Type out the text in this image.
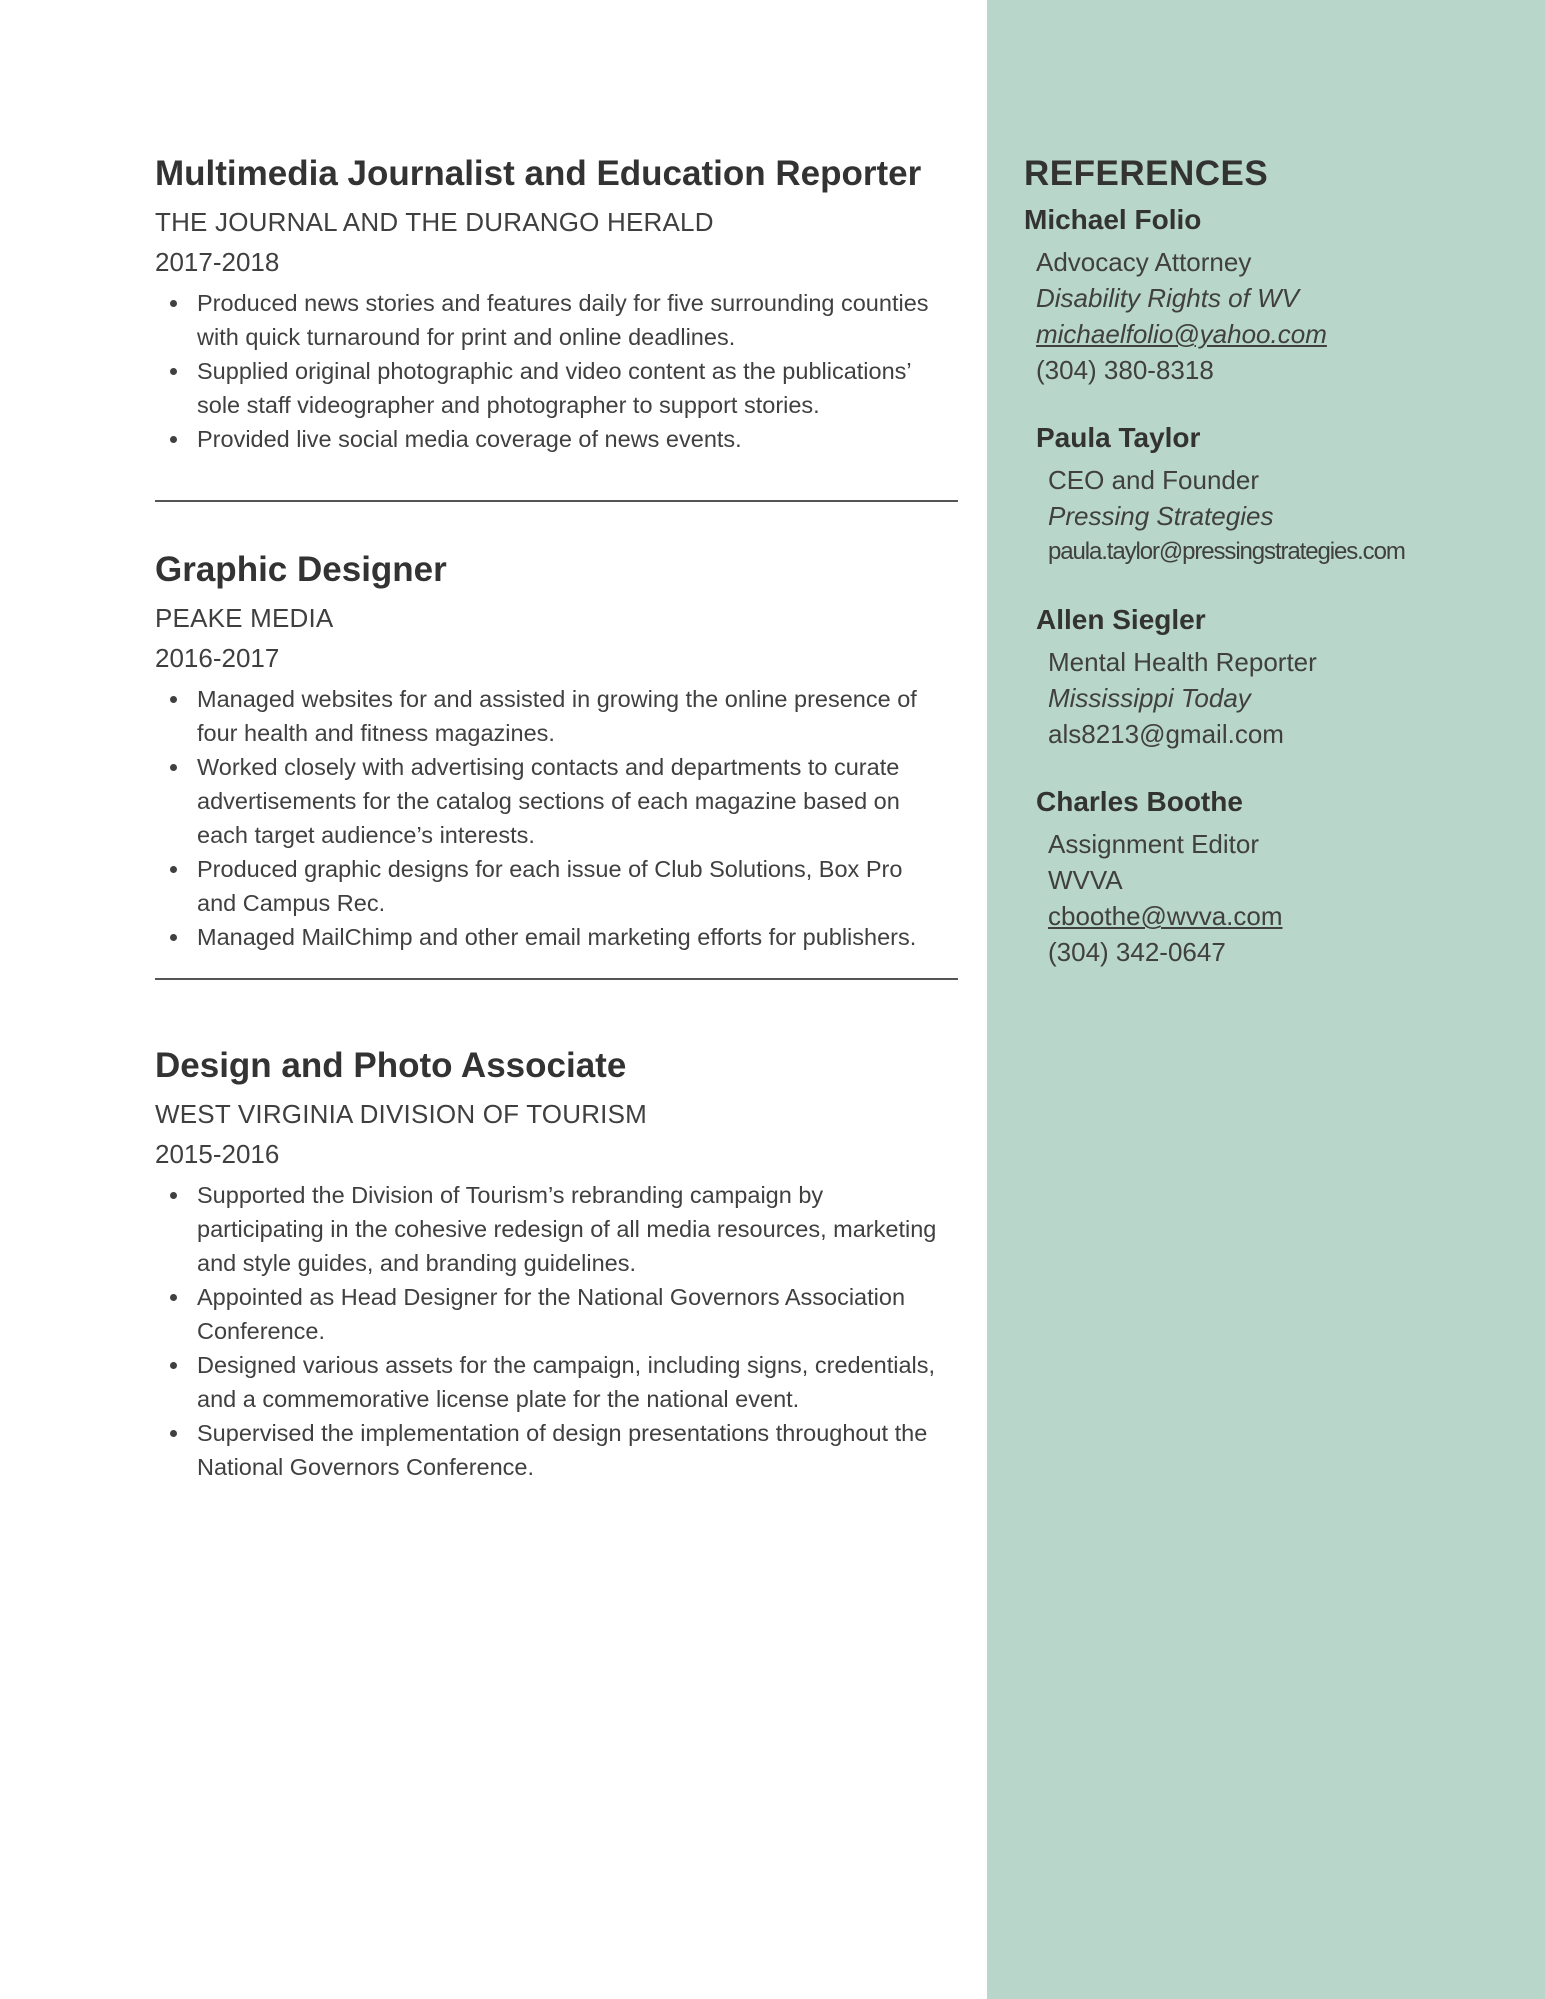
Multimedia Journalist and Education Reporter
THE JOURNAL AND THE DURANGO HERALD
2017-2018
Produced news stories and features daily for five surrounding counties with quick turnaround for print and online deadlines.
Supplied original photographic and video content as the publications’ sole staff videographer and photographer to support stories.
Provided live social media coverage of news events.
Graphic Designer
PEAKE MEDIA
2016-2017
Managed websites for and assisted in growing the online presence of four health and fitness magazines.
Worked closely with advertising contacts and departments to curate advertisements for the catalog sections of each magazine based on each target audience’s interests.
Produced graphic designs for each issue of Club Solutions, Box Pro and Campus Rec.
Managed MailChimp and other email marketing efforts for publishers.
Design and Photo Associate
WEST VIRGINIA DIVISION OF TOURISM
2015-2016
Supported the Division of Tourism’s rebranding campaign by participating in the cohesive redesign of all media resources, marketing and style guides, and branding guidelines.
Appointed as Head Designer for the National Governors Association Conference.
Designed various assets for the campaign, including signs, credentials, and a commemorative license plate for the national event.
Supervised the implementation of design presentations throughout the National Governors Conference.
REFERENCES
Michael Folio
Advocacy Attorney
Disability Rights of WV
michaelfolio@yahoo.com
(304) 380-8318
Paula Taylor
CEO and Founder
Pressing Strategies
paula.taylor@pressingstrategies.com
Allen Siegler
Mental Health Reporter
Mississippi Today
als8213@gmail.com
Charles Boothe
Assignment Editor
WVVA
cboothe@wvva.com
(304) 342-0647
